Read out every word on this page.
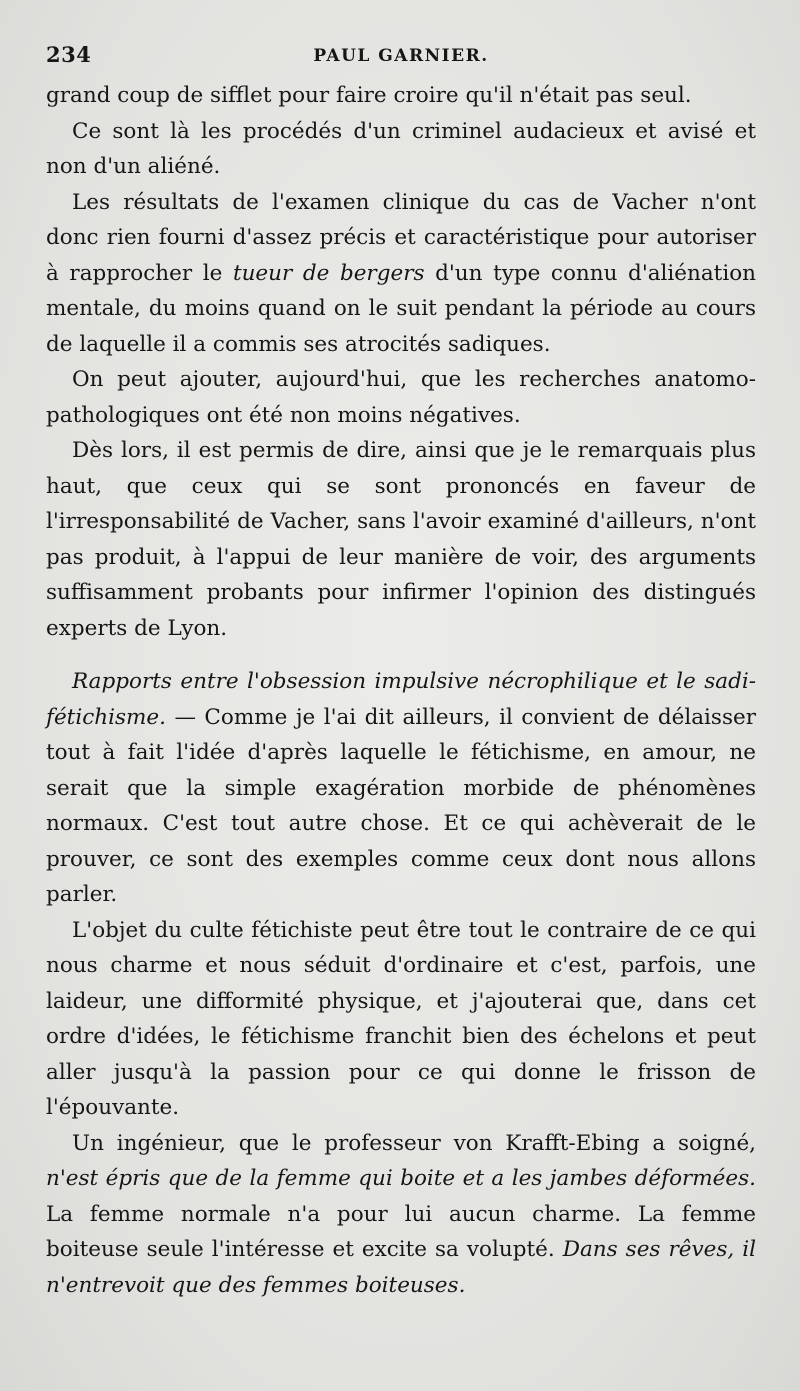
234	PAUL GARNIER.

grand coup de sifflet pour faire croire qu'il n'était pas seul.

Ce sont là les procédés d'un criminel audacieux et avisé et non d'un aliéné.

Les résultats de l'examen clinique du cas de Vacher n'ont donc rien fourni d'assez précis et caractéristique pour autoriser à rapprocher le tueur de bergers d'un type connu d'aliénation mentale, du moins quand on le suit pendant la période au cours de laquelle il a commis ses atrocités sadiques.

On peut ajouter, aujourd'hui, que les recherches anatomo-pathologiques ont été non moins négatives.

Dès lors, il est permis de dire, ainsi que je le remarquais plus haut, que ceux qui se sont prononcés en faveur de l'irresponsabilité de Vacher, sans l'avoir examiné d'ailleurs, n'ont pas produit, à l'appui de leur manière de voir, des arguments suffisamment probants pour infirmer l'opinion des distingués experts de Lyon.

Rapports entre l'obsession impulsive nécrophilique et le sadi-fétichisme. — Comme je l'ai dit ailleurs, il convient de délaisser tout à fait l'idée d'après laquelle le fétichisme, en amour, ne serait que la simple exagération morbide de phénomènes normaux. C'est tout autre chose. Et ce qui achèverait de le prouver, ce sont des exemples comme ceux dont nous allons parler.

L'objet du culte fétichiste peut être tout le contraire de ce qui nous charme et nous séduit d'ordinaire et c'est, parfois, une laideur, une difformité physique, et j'ajouterai que, dans cet ordre d'idées, le fétichisme franchit bien des échelons et peut aller jusqu'à la passion pour ce qui donne le frisson de l'épouvante.

Un ingénieur, que le professeur von Krafft-Ebing a soigné, n'est épris que de la femme qui boite et a les jambes déformées. La femme normale n'a pour lui aucun charme. La femme boiteuse seule l'intéresse et excite sa volupté. Dans ses rêves, il n'entrevoit que des femmes boiteuses.
